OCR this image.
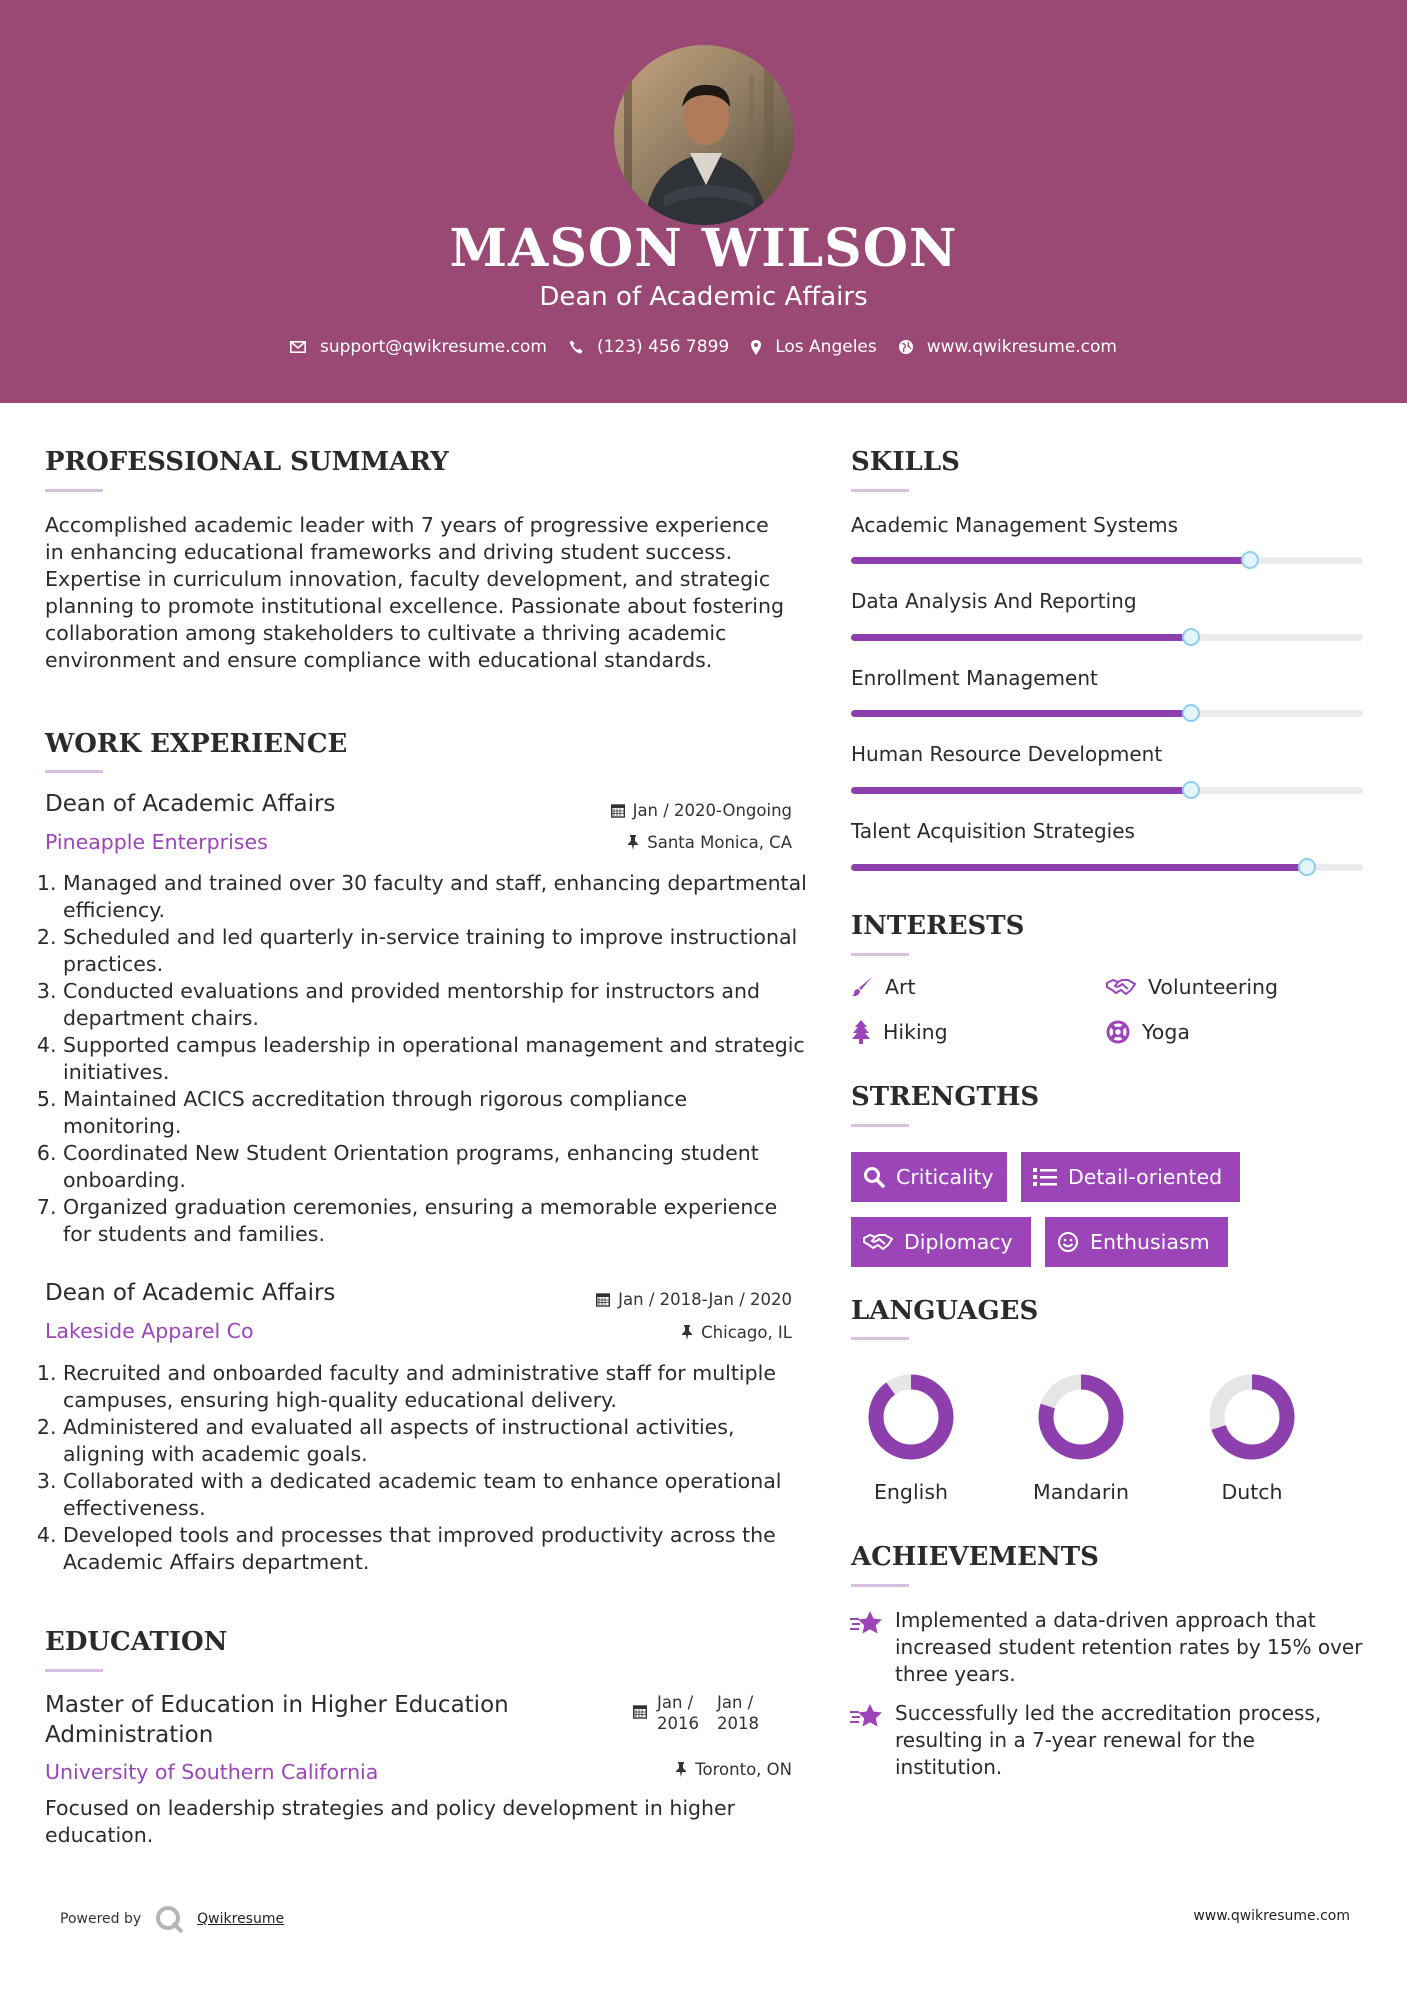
MASON WILSON
Dean of Academic Affairs
support@qwikresume.com	(123) 456 7899	Los Angeles	www.qwikresume.com
PROFESSIONAL SUMMARY
Accomplished academic leader with 7 years of progressive experience in enhancing educational frameworks and driving student success. Expertise in curriculum innovation, faculty development, and strategic planning to promote institutional excellence. Passionate about fostering collaboration among stakeholders to cultivate a thriving academic environment and ensure compliance with educational standards.
WORK EXPERIENCE
Dean of Academic Affairs
Pineapple Enterprises
Jan / 2020-Ongoing
Santa Monica, CA
1. Managed and trained over 30 faculty and staff, enhancing departmental efficiency.
2. Scheduled and led quarterly in-service training to improve instructional practices.
3. Conducted evaluations and provided mentorship for instructors and department chairs.
4. Supported campus leadership in operational management and strategic initiatives.
5. Maintained ACICS accreditation through rigorous compliance monitoring.
6. Coordinated New Student Orientation programs, enhancing student onboarding.
7. Organized graduation ceremonies, ensuring a memorable experience for students and families.
Dean of Academic Affairs
Lakeside Apparel Co
Jan / 2018-Jan / 2020
Chicago, IL
1. Recruited and onboarded faculty and administrative staff for multiple campuses, ensuring high-quality educational delivery.
2. Administered and evaluated all aspects of instructional activities, aligning with academic goals.
3. Collaborated with a dedicated academic team to enhance operational effectiveness.
4. Developed tools and processes that improved productivity across the Academic Affairs department.
EDUCATION
Master of Education in Higher Education Administration
University of Southern California
Jan /
2016
Jan /
2018
Toronto, ON
Focused on leadership strategies and policy development in higher education.
SKILLS
Academic Management Systems
Data Analysis And Reporting
Enrollment Management
Human Resource Development
Talent Acquisition Strategies
INTERESTS
Art	Volunteering
Hiking	Yoga
STRENGTHS
Criticality	Detail-oriented
Diplomacy	Enthusiasm
LANGUAGES
English	Mandarin	Dutch
ACHIEVEMENTS
Implemented a data-driven approach that increased student retention rates by 15% over three years.
Successfully led the accreditation process, resulting in a 7-year renewal for the institution.
Powered by	Qwikresume	www.qwikresume.com
